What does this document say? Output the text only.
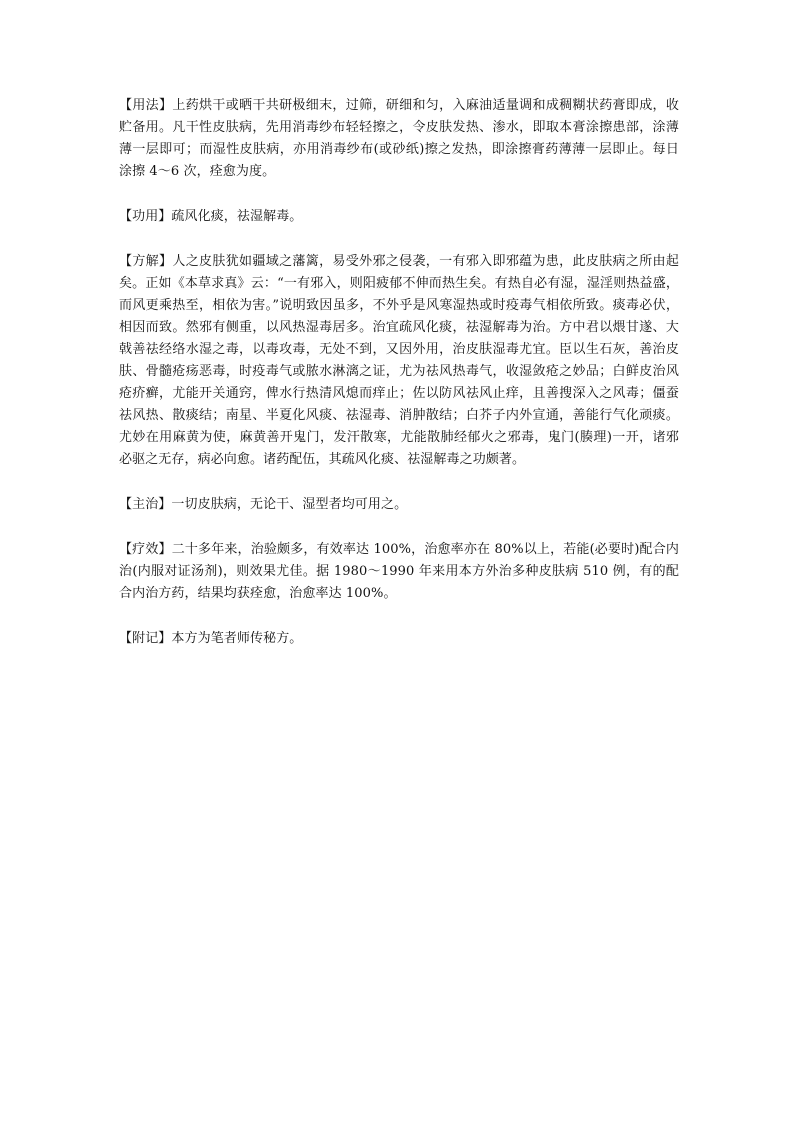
【用法】上药烘干或晒干共研极细末，过筛，研细和匀，入麻油适量调和成稠糊状药膏即成，收贮备用。凡干性皮肤病，先用消毒纱布轻轻擦之，令皮肤发热、渗水，即取本膏涂擦患部，涂薄薄一层即可；而湿性皮肤病，亦用消毒纱布(或砂纸)擦之发热，即涂擦膏药薄薄一层即止。每日涂擦 4～6 次，痊愈为度。

【功用】疏风化痰，祛湿解毒。

【方解】人之皮肤犹如疆域之藩篱，易受外邪之侵袭，一有邪入即邪蕴为患，此皮肤病之所由起矣。正如《本草求真》云：“一有邪入，则阳疲郁不伸而热生矣。有热自必有湿，湿淫则热益盛，而风更乘热至，相依为害。”说明致因虽多，不外乎是风寒湿热或时疫毒气相依所致。痰毒必伏，相因而致。然邪有侧重，以风热湿毒居多。治宜疏风化痰，祛湿解毒为治。方中君以煨甘遂、大戟善祛经络水湿之毒，以毒攻毒，无处不到，又因外用，治皮肤湿毒尤宜。臣以生石灰，善治皮肤、骨髓疮疡恶毒，时疫毒气或脓水淋漓之证，尤为祛风热毒气，收湿敛疮之妙品；白鲜皮治风疮疥癣，尤能开关通窍，俾水行热清风熄而痒止；佐以防风祛风止痒，且善搜深入之风毒；僵蚕祛风热、散痰结；南星、半夏化风痰、祛湿毒、消肿散结；白芥子内外宣通，善能行气化顽痰。尤妙在用麻黄为使，麻黄善开鬼门，发汗散寒，尤能散肺经郁火之邪毒，鬼门(腠理)一开，诸邪必驱之无存，病必向愈。诸药配伍，其疏风化痰、祛湿解毒之功颇著。

【主治】一切皮肤病，无论干、湿型者均可用之。

【疗效】二十多年来，治验颇多，有效率达 100%，治愈率亦在 80%以上，若能(必要时)配合内治(内服对证汤剂)，则效果尤佳。据 1980～1990 年来用本方外治多种皮肤病 510 例，有的配合内治方药，结果均获痊愈，治愈率达 100%。

【附记】本方为笔者师传秘方。
